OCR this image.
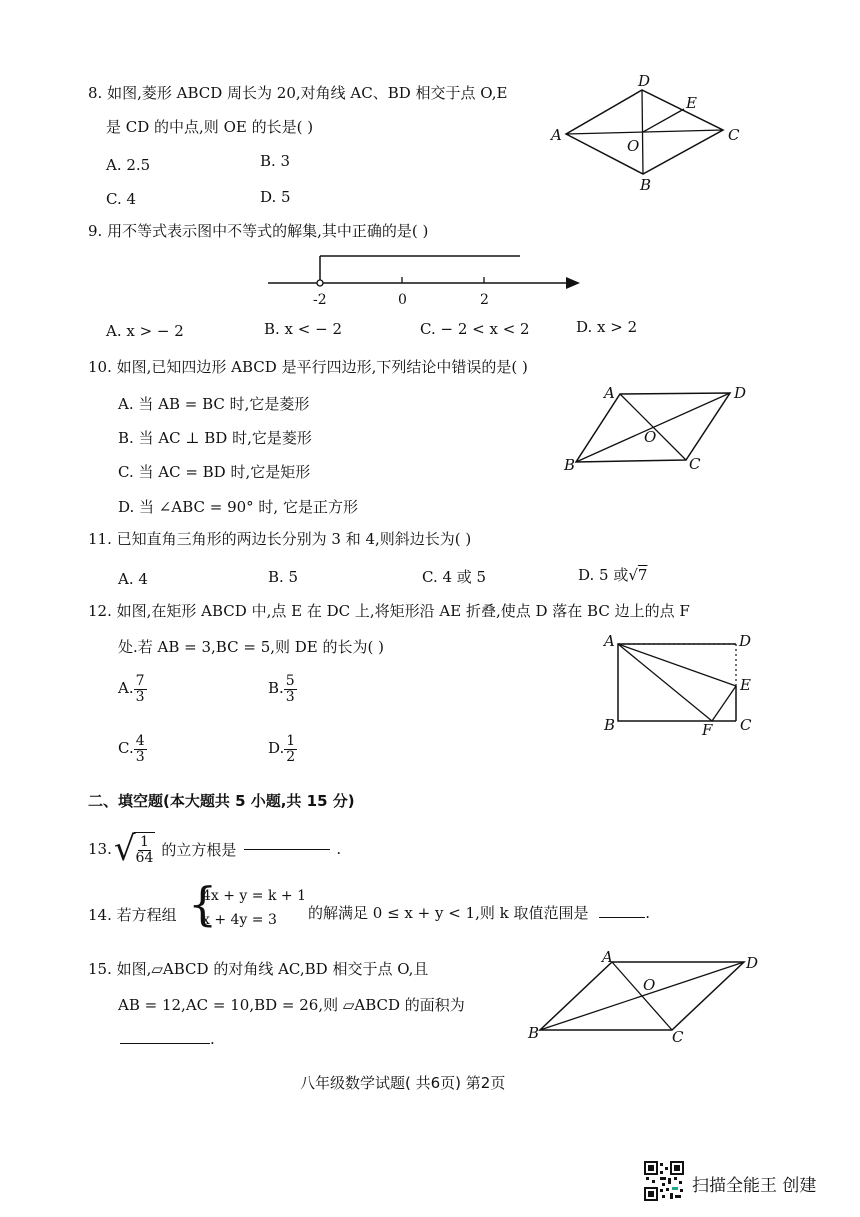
8. 如图,菱形 ABCD 周长为 20,对角线 AC、BD 相交于点 O,E
是 CD 的中点,则 OE 的长是( )
A. 2.5	B. 3
C. 4	D. 5
A
D
E
C
O
B
9. 用不等式表示图中不等式的解集,其中正确的是( )
-2	0	2
A. x > − 2	B. x < − 2	C. − 2 < x < 2	D. x > 2
10. 如图,已知四边形 ABCD 是平行四边形,下列结论中错误的是( )
A. 当 AB = BC 时,它是菱形
B. 当 AC ⊥ BD 时,它是菱形
C. 当 AC = BD 时,它是矩形
D. 当 ∠ABC = 90° 时, 它是正方形
A	D
O
B	C
11. 已知直角三角形的两边长分别为 3 和 4,则斜边长为( )
A. 4	B. 5	C. 4 或 5	D. 5 或√7
12. 如图,在矩形 ABCD 中,点 E 在 DC 上,将矩形沿 AE 折叠,使点 D 落在 BC 边上的点 F
处.若 AB = 3,BC = 5,则 DE 的长为( )
A. $\frac{7}{3}$	B. $\frac{5}{3}$
C. $\frac{4}{3}$	D. $\frac{1}{2}$
A	D
E
B	F C
二、填空题(本大题共 5 小题,共 15 分)
13. √
$\frac{1}{64}$ 的立方根是	.
14. 若方程组 {
4x + y = k + 1
x + 4y = 3	的解满足 0 ≤ x + y < 1,则 k 取值范围是	.
15. 如图,▱ABCD 的对角线 AC,BD 相交于点 O,且
AB = 12,AC = 10,BD = 26,则 ▱ABCD 的面积为
.
A	D
O
B	C
八年级数学试题( 共6页) 第2页
扫描全能王 创建
